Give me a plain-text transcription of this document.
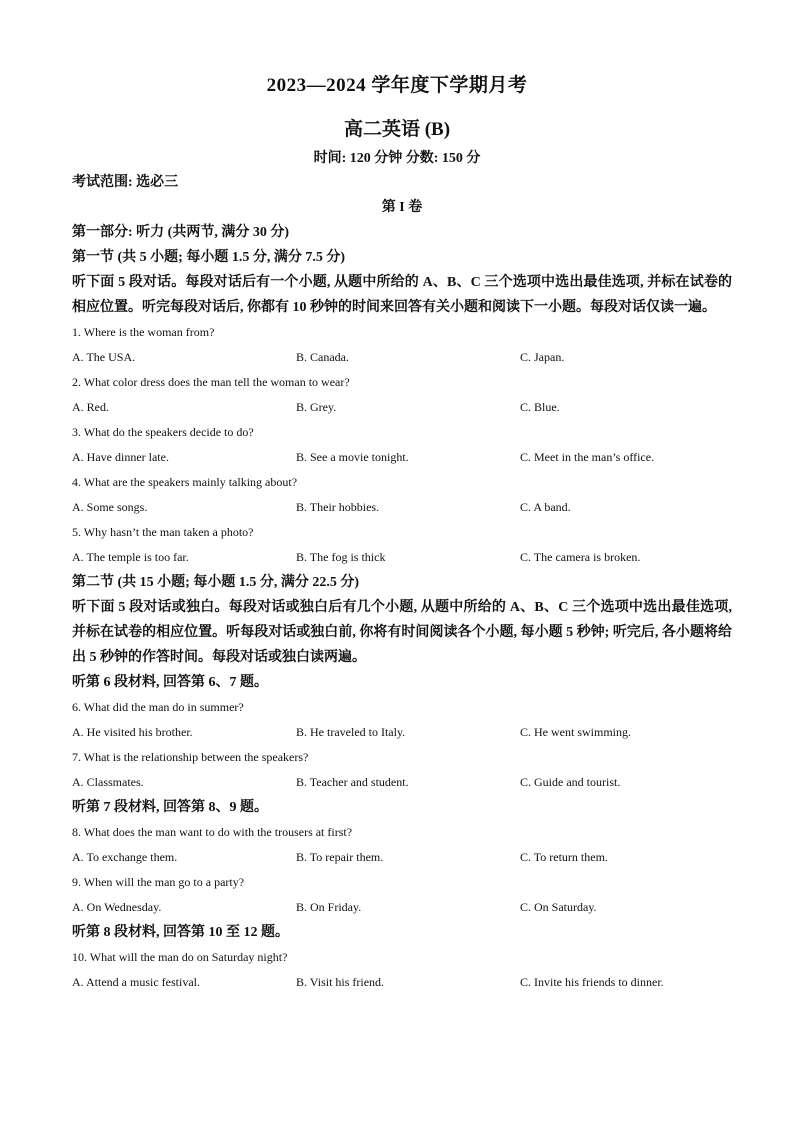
2023—2024 学年度下学期月考
高二英语 (B)
时间: 120 分钟 分数: 150 分
考试范围: 选必三
第 I 卷
第一部分: 听力 (共两节, 满分 30 分)
第一节 (共 5 小题; 每小题 1.5 分, 满分 7.5 分)
听下面 5 段对话。每段对话后有一个小题, 从题中所给的 A、B、C 三个选项中选出最佳选项, 并标在试卷的相应位置。听完每段对话后, 你都有 10 秒钟的时间来回答有关小题和阅读下一小题。每段对话仅读一遍。
1. Where is the woman from?
A. The USA.	B. Canada.	C. Japan.
2. What color dress does the man tell the woman to wear?
A. Red.	B. Grey.	C. Blue.
3. What do the speakers decide to do?
A. Have dinner late.	B. See a movie tonight.	C. Meet in the man’s office.
4. What are the speakers mainly talking about?
A. Some songs.	B. Their hobbies.	C. A band.
5. Why hasn’t the man taken a photo?
A. The temple is too far.	B. The fog is thick	C. The camera is broken.
第二节 (共 15 小题; 每小题 1.5 分, 满分 22.5 分)
听下面 5 段对话或独白。每段对话或独白后有几个小题, 从题中所给的 A、B、C 三个选项中选出最佳选项, 并标在试卷的相应位置。听每段对话或独白前, 你将有时间阅读各个小题, 每小题 5 秒钟; 听完后, 各小题将给出 5 秒钟的作答时间。每段对话或独白读两遍。
听第 6 段材料, 回答第 6、7 题。
6. What did the man do in summer?
A. He visited his brother.	B. He traveled to Italy.	C. He went swimming.
7. What is the relationship between the speakers?
A. Classmates.	B. Teacher and student.	C. Guide and tourist.
听第 7 段材料, 回答第 8、9 题。
8. What does the man want to do with the trousers at first?
A. To exchange them.	B. To repair them.	C. To return them.
9. When will the man go to a party?
A. On Wednesday.	B. On Friday.	C. On Saturday.
听第 8 段材料, 回答第 10 至 12 题。
10. What will the man do on Saturday night?
A. Attend a music festival.	B. Visit his friend.	C. Invite his friends to dinner.
